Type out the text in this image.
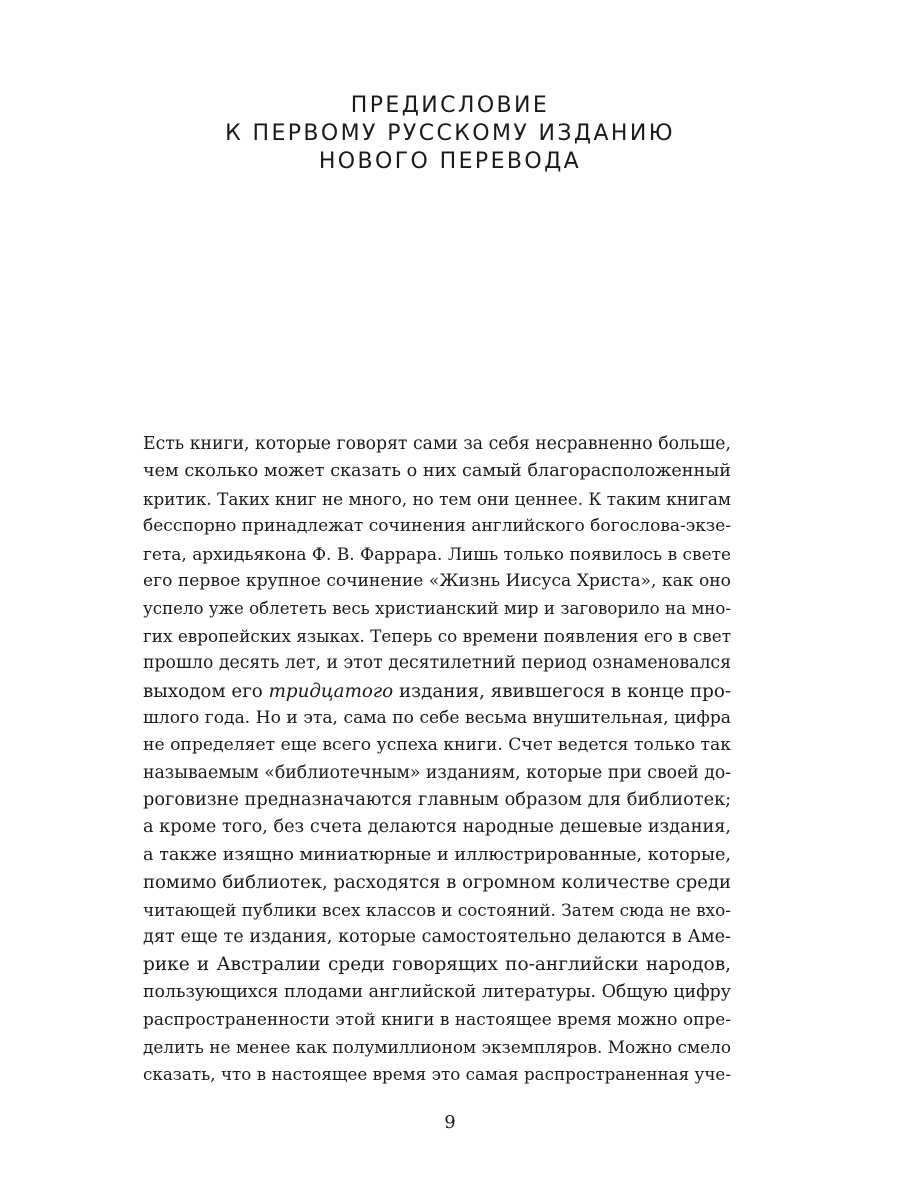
ПРЕДИСЛОВИЕ
К ПЕРВОМУ РУССКОМУ ИЗДАНИЮ
НОВОГО ПЕРЕВОДА
Есть книги, которые говорят сами за себя несравненно больше,
чем сколько может сказать о них самый благорасположенный
критик. Таких книг не много, но тем они ценнее. К таким книгам
бесспорно принадлежат сочинения английского богослова-экзе-
гета, архидьякона Ф. В. Фаррара. Лишь только появилось в свете
его первое крупное сочинение «Жизнь Иисуса Христа», как оно
успело уже облететь весь христианский мир и заговорило на мно-
гих европейских языках. Теперь со времени появления его в свет
прошло десять лет, и этот десятилетний период ознаменовался
выходом его тридцатого издания, явившегося в конце про-
шлого года. Но и эта, сама по себе весьма внушительная, цифра
не определяет еще всего успеха книги. Счет ведется только так
называемым «библиотечным» изданиям, которые при своей до-
роговизне предназначаются главным образом для библиотек;
а кроме того, без счета делаются народные дешевые издания,
а также изящно миниатюрные и иллюстрированные, которые,
помимо библиотек, расходятся в огромном количестве среди
читающей публики всех классов и состояний. Затем сюда не вхо-
дят еще те издания, которые самостоятельно делаются в Аме-
рике и Австралии среди говорящих по-английски народов,
пользующихся плодами английской литературы. Общую цифру
распространенности этой книги в настоящее время можно опре-
делить не менее как полумиллионом экземпляров. Можно смело
сказать, что в настоящее время это самая распространенная уче-
9
